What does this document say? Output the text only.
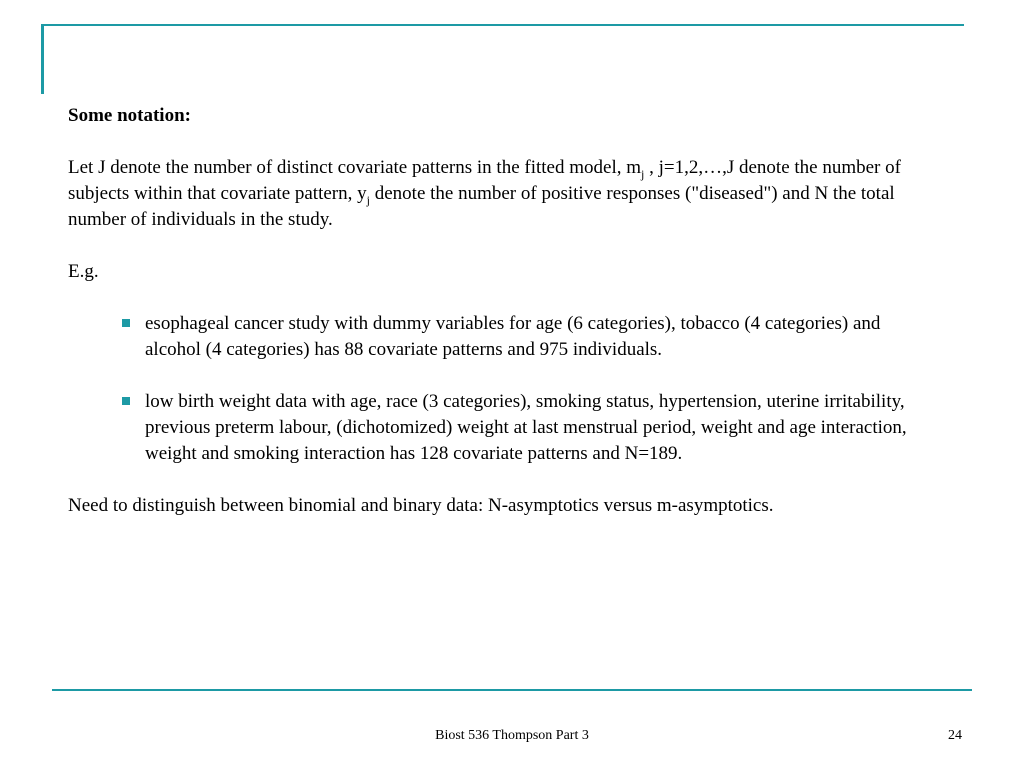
Some notation:

Let J denote the number of distinct covariate patterns in the fitted model, $m_j$ , j=1,2,…,J denote the number of subjects within that covariate pattern, $y_j$ denote the number of positive responses ("diseased") and N the total number of individuals in the study.

E.g.

esophageal cancer study with dummy variables for age (6 categories), tobacco (4 categories) and alcohol (4 categories) has 88 covariate patterns and 975 individuals.
low birth weight data with age, race (3 categories), smoking status, hypertension, uterine irritability, previous preterm labour, (dichotomized) weight at last menstrual period, weight and age interaction, weight and smoking interaction has 128 covariate patterns and N=189.

Need to distinguish between binomial and binary data: N-asymptotics versus m-asymptotics.

Biost 536 Thompson Part 3	24
